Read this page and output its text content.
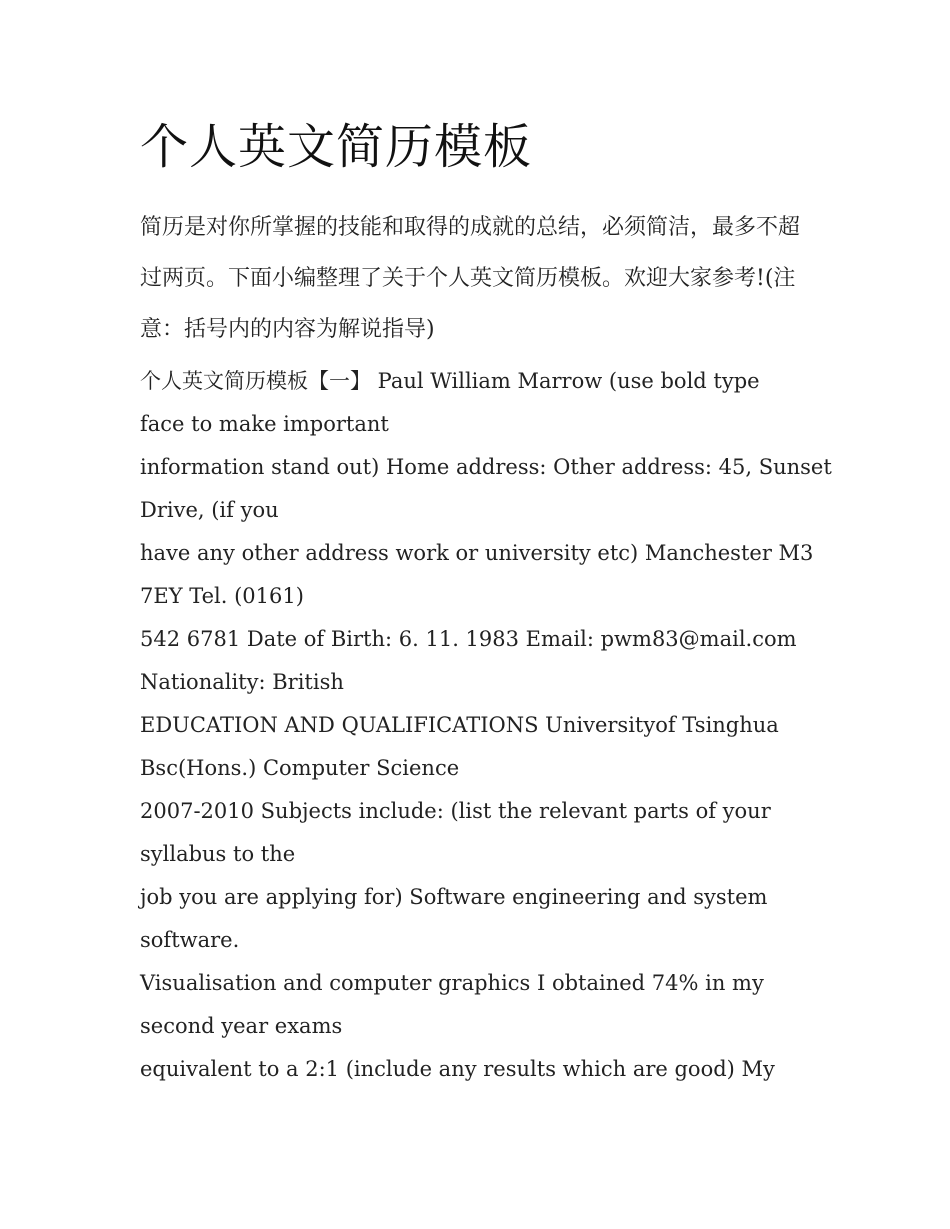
个人英文简历模板

简历是对你所掌握的技能和取得的成就的总结，必须简洁，最多不超过两页。下面小编整理了关于个人英文简历模板。欢迎大家参考!(注意：括号内的内容为解说指导)

个人英文简历模板【一】 Paul William Marrow (use bold type
face to make important
information stand out) Home address: Other address: 45, Sunset
Drive, (if you
have any other address work or university etc) Manchester M3
7EY Tel. (0161)
542 6781 Date of Birth: 6. 11. 1983 Email: pwm83@mail.com
Nationality: British
EDUCATION AND QUALIFICATIONS Universityof Tsinghua
Bsc(Hons.) Computer Science
2007-2010 Subjects include: (list the relevant parts of your
syllabus to the
job you are applying for) Software engineering and system
software.
Visualisation and computer graphics I obtained 74% in my
second year exams
equivalent to a 2:1 (include any results which are good) My
